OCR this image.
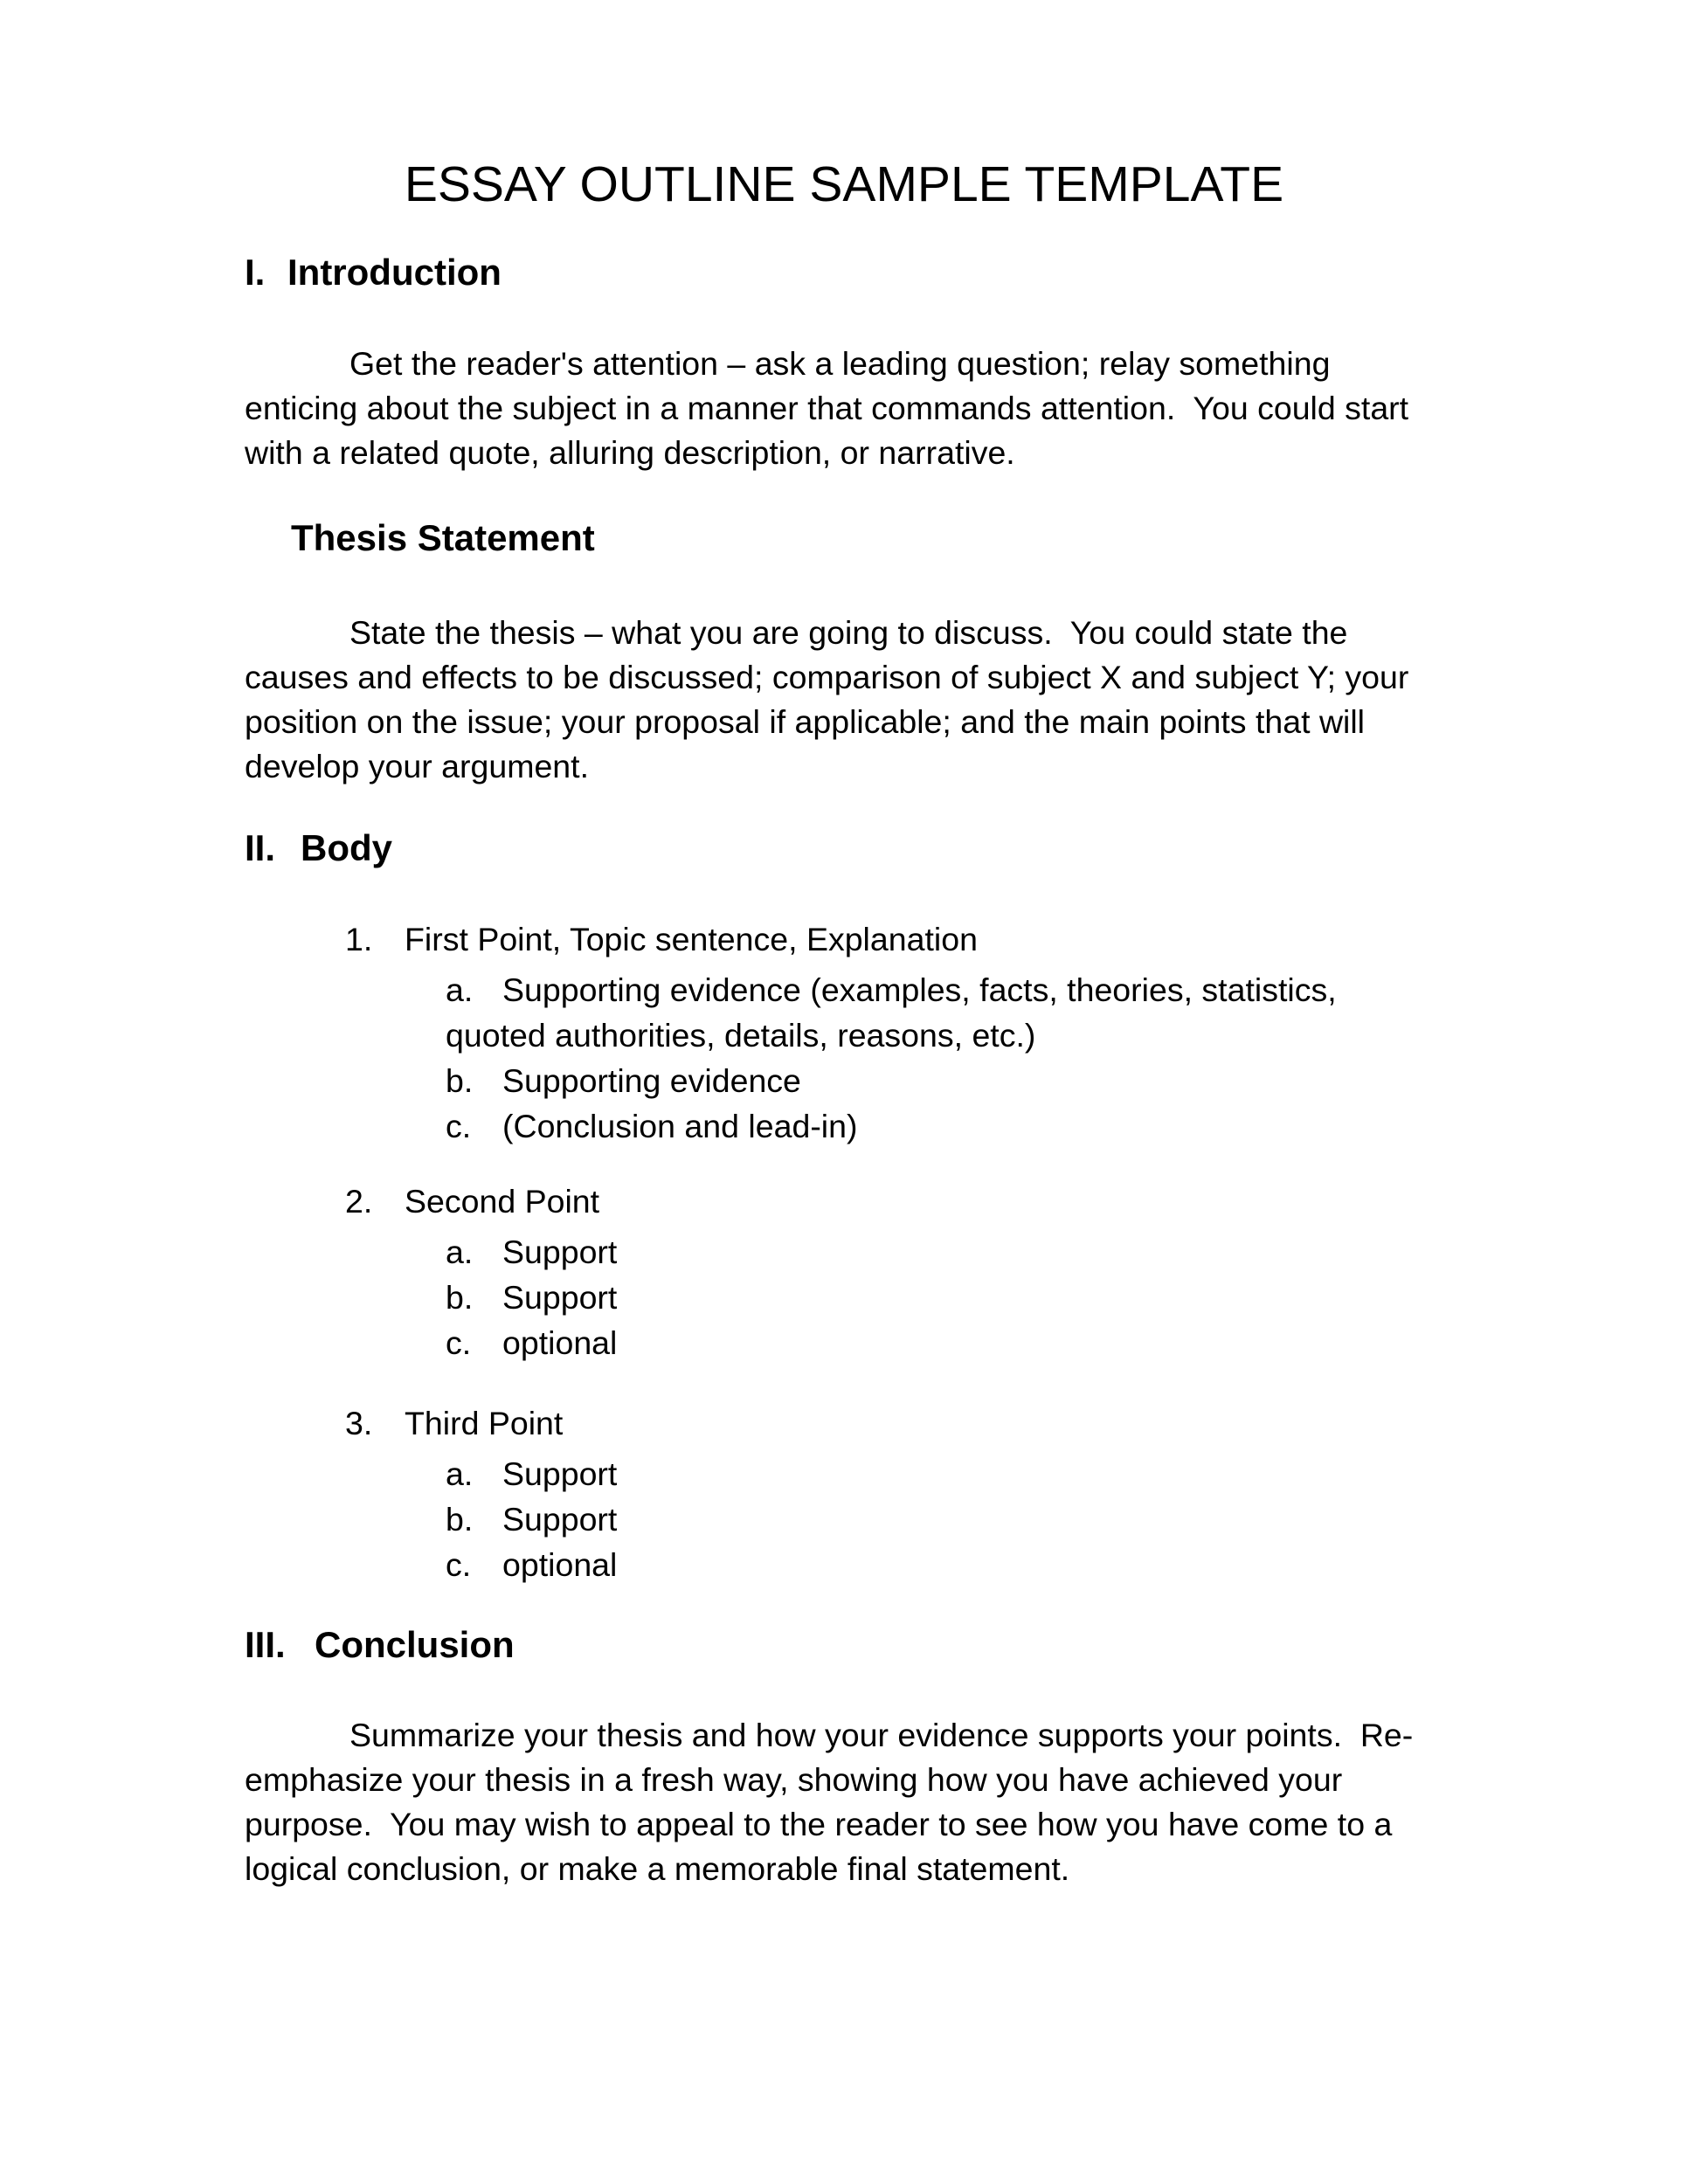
ESSAY OUTLINE SAMPLE TEMPLATE
I. Introduction
Get the reader's attention – ask a leading question; relay something enticing about the subject in a manner that commands attention.  You could start with a related quote, alluring description, or narrative.
Thesis Statement
State the thesis – what you are going to discuss.  You could state the causes and effects to be discussed; comparison of subject X and subject Y; your position on the issue; your proposal if applicable; and the main points that will develop your argument.
II. Body
1. First Point, Topic sentence, Explanation
a. Supporting evidence (examples, facts, theories, statistics, quoted authorities, details, reasons, etc.)
b. Supporting evidence
c. (Conclusion and lead-in)
2. Second Point
a. Support
b. Support
c. optional
3. Third Point
a. Support
b. Support
c. optional
III. Conclusion
Summarize your thesis and how your evidence supports your points.  Re-emphasize your thesis in a fresh way, showing how you have achieved your purpose.  You may wish to appeal to the reader to see how you have come to a logical conclusion, or make a memorable final statement.
